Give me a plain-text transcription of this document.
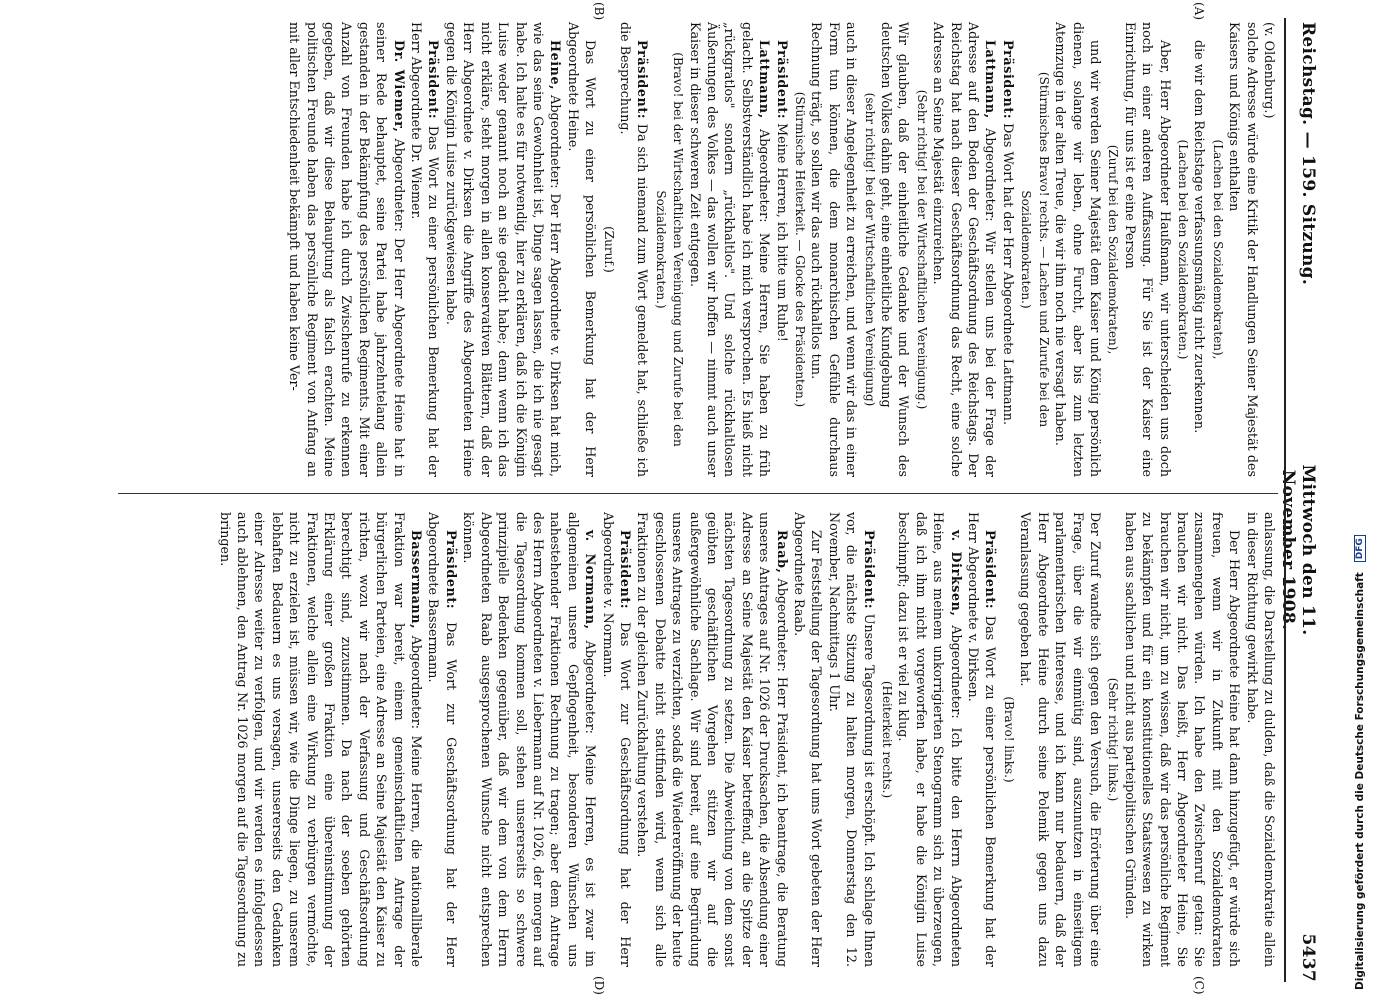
Reichstag. — 159. Sitzung.
Mittwoch den 11. November 1908.
5437
(A)
(B)
(C)
(D)

(v. Oldenburg.)

solche Adresse würde eine Kritik der Handlungen Seiner Majestät des Kaisers und Königs enthalten

(Lachen bei den Sozialdemokraten),

die wir dem Reichstage verfassungsmäßig nicht zuerkennen.

(Lachen bei den Sozialdemokraten.)

Aber, Herr Abgeordneter Haußmann, wir unterscheiden uns doch noch in einer anderen Auffassung. Für Sie ist der Kaiser eine Einrichtung, für uns ist er eine Person

(Zuruf bei den Sozialdemokraten),

und wir werden Seiner Majestät dem Kaiser und König persönlich dienen, solange wir leben, ohne Furcht, aber bis zum letzten Atemzuge in der alten Treue, die wir ihm noch nie versagt haben.

(Stürmisches Bravo! rechts. — Lachen und Zurufe bei den Sozialdemokraten.)

Präsident: Das Wort hat der Herr Abgeordnete Lattmann.

Lattmann, Abgeordneter: Wir stellen uns bei der Frage der Adresse auf den Boden der Geschäftsordnung des Reichstags. Der Reichstag hat nach dieser Geschäftsordnung das Recht, eine solche Adresse an Seine Majestät einzureichen.

(Sehr richtig! bei der Wirtschaftlichen Vereinigung.)

Wir glauben, daß der einheitliche Gedanke und der Wunsch des deutschen Volkes dahin geht, eine einheitliche Kundgebung

(sehr richtig! bei der Wirtschaftlichen Vereinigung)

auch in dieser Angelegenheit zu erreichen, und wenn wir das in einer Form tun können, die dem monarchischen Gefühle durchaus Rechnung trägt, so sollen wir das auch rückhaltlos tun.

(Stürmische Heiterkeit. — Glocke des Präsidenten.)

Präsident: Meine Herren, ich bitte um Ruhe!

Lattmann, Abgeordneter: Meine Herren, Sie haben zu früh gelacht. Selbstverständlich habe ich mich versprochen. Es hieß nicht „rückgratlos" sondern „rückhaltlos". Und solche rückhaltlosen Äußerungen des Volkes — das wollen wir hoffen — nimmt auch unser Kaiser in dieser schweren Zeit entgegen.

(Bravo! bei der Wirtschaftlichen Vereinigung und Zurufe bei den Sozialdemokraten.)

Präsident: Da sich niemand zum Wort gemeldet hat, schließe ich die Besprechung.

(Zuruf.)

Das Wort zu einer persönlichen Bemerkung hat der Herr Abgeordnete Heine.

Heine, Abgeordneter: Der Herr Abgeordnete v. Dirksen hat mich, wie das seine Gewohnheit ist, Dinge sagen lassen, die ich nie gesagt habe. Ich halte es für notwendig, hier zu erklären, daß ich die Königin Luise weder genannt noch an sie gedacht habe; denn wenn ich das nicht erkläre, steht morgen in allen konservativen Blättern, daß der Herr Abgeordnete v. Dirksen die Angriffe des Abgeordneten Heine gegen die Königin Luise zurückgewiesen habe.

Präsident: Das Wort zu einer persönlichen Bemerkung hat der Herr Abgeordnete Dr. Wiemer.

Dr. Wiemer, Abgeordneter: Der Herr Abgeordnete Heine hat in seiner Rede behauptet, seine Partei habe jahrzehntelang allein gestanden in der Bekämpfung des persönlichen Regiments. Mit einer Anzahl von Freunden habe ich durch Zwischenrufe zu erkennen gegeben, daß wir diese Behauptung als falsch erachten. Meine politischen Freunde haben das persönliche Regiment von Anfang an mit aller Entschiedenheit bekämpft und haben keine Ver-

anlassung, die Darstellung zu dulden, daß die Sozialdemokratie allein in dieser Richtung gewirkt habe.

Der Herr Abgeordnete Heine hat dann hinzugefügt, er würde sich freuen, wenn wir in Zukunft mit den Sozialdemokraten zusammengehen würden. Ich habe den Zwischenruf getan: Sie brauchen wir nicht. Das heißt, Herr Abgeordneter Heine, Sie brauchen wir nicht, um zu wissen, daß wir das persönliche Regiment zu bekämpfen und für ein konstitutionelles Staatswesen zu wirken haben aus sachlichen und nicht aus parteipolitischen Gründen.

(Sehr richtig! links.)

Der Zuruf wandte sich gegen den Versuch, die Erörterung über eine Frage, über die wir einmütig sind, auszunutzen in einseitigem parlamentarischen Interesse, und ich kann nur bedauern, daß der Herr Abgeordnete Heine durch seine Polemik gegen uns dazu Veranlassung gegeben hat.

(Bravo! links.)

Präsident: Das Wort zu einer persönlichen Bemerkung hat der Herr Abgeordnete v. Dirksen.

v. Dirksen, Abgeordneter: Ich bitte den Herrn Abgeordneten Heine, aus meinem unkorrigierten Stenogramm sich zu überzeugen, daß ich ihm nicht vorgeworfen habe, er habe die Königin Luise beschimpft; dazu ist er viel zu klug.

(Heiterkeit rechts.)

Präsident: Unsere Tagesordnung ist erschöpft. Ich schlage Ihnen vor, die nächste Sitzung zu halten morgen, Donnerstag den 12. November, Nachmittags 1 Uhr.

Zur Feststellung der Tagesordnung hat ums Wort gebeten der Herr Abgeordnete Raab.

Raab, Abgeordneter: Herr Präsident, ich beantrage, die Beratung unseres Antrages auf Nr. 1026 der Drucksachen, die Absendung einer Adresse an Seine Majestät den Kaiser betreffend, an die Spitze der nächsten Tagesordnung zu setzen. Die Abweichung von dem sonst geübten geschäftlichen Vorgehen stützen wir auf die außergewöhnliche Sachlage. Wir sind bereit, auf eine Begründung unseres Antrages zu verzichten, sodaß die Wiedereröffnung der heute geschlossenen Debatte nicht stattfinden wird, wenn sich alle Fraktionen zu der gleichen Zurückhaltung verstehen.

Präsident: Das Wort zur Geschäftsordnung hat der Herr Abgeordnete v. Normann.

v. Normann, Abgeordneter: Meine Herren, es ist zwar im allgemeinen unsere Gepflogenheit, besonderen Wünschen uns nahestehender Fraktionen Rechnung zu tragen; aber dem Antrage des Herrn Abgeordneten v. Liebermann auf Nr. 1026, der morgen auf die Tagesordnung kommen soll, stehen unsererseits so schwere prinzipielle Bedenken gegenüber, daß wir dem von dem Herrn Abgeordneten Raab ausgesprochenen Wunsche nicht entsprechen können.

Präsident: Das Wort zur Geschäftsordnung hat der Herr Abgeordnete Bassermann.

Bassermann, Abgeordneter: Meine Herren, die nationalliberale Fraktion war bereit, einem gemeinschaftlichen Antrage der bürgerlichen Parteien, eine Adresse an Seine Majestät den Kaiser zu richten, wozu wir nach der Verfassung und Geschäftsordnung berechtigt sind, zuzustimmen. Da nach der soeben gehörten Erklärung einer großen Fraktion eine übereinstimmung der Fraktionen, welche allein eine Wirkung zu verbürgen vermöchte, nicht zu erzielen ist, müssen wir, wie die Dinge liegen, zu unserem lebhaften Bedauern es uns versagen, unsererseits den Gedanken einer Adresse weiter zu verfolgen, und wir werden es infolgedessen auch ablehnen, den Antrag Nr. 1026 morgen auf die Tagesordnung zu bringen.

Digitalisierung gefördert durch die Deutsche Forschungsgemeinschaft
DFG
